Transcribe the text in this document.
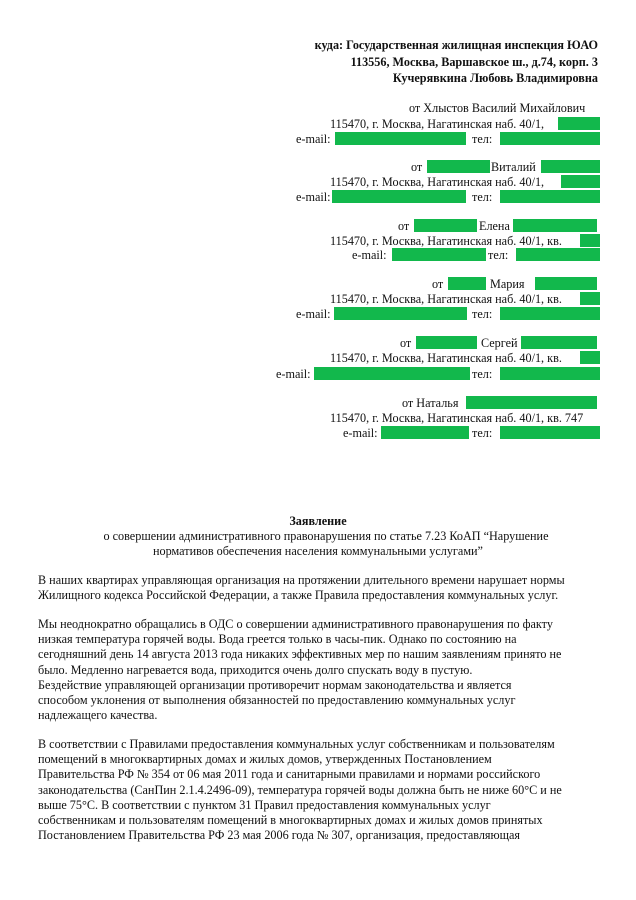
куда: Государственная жилищная инспекция ЮАО
113556, Москва, Варшавское ш., д.74, корп. 3
Кучерявкина Любовь Владимировна
от Хлыстов Василий Михайлович
115470, г. Москва, Нагатинская наб. 40/1,
e-mail:	тел:
от	Виталий
115470, г. Москва, Нагатинская наб. 40/1,
e-mail:	тел:
от	Елена
115470, г. Москва, Нагатинская наб. 40/1, кв.
e-mail:	тел:
от	Мария
115470, г. Москва, Нагатинская наб. 40/1, кв.
e-mail:	тел:
от	Сергей
115470, г. Москва, Нагатинская наб. 40/1, кв.
e-mail:	тел:
от Наталья
115470, г. Москва, Нагатинская наб. 40/1, кв. 747
e-mail:	тел:
Заявление
о совершении административного правонарушения по статье 7.23 КоАП “Нарушение
нормативов обеспечения населения коммунальными услугами”
В наших квартирах управляющая организация на протяжении длительного времени нарушает нормы
Жилищного кодекса Российской Федерации, а также Правила предоставления коммунальных услуг.
Мы неоднократно обращались в ОДС о совершении административного правонарушения по факту
низкая температура горячей воды. Вода греется только в часы-пик. Однако по состоянию на
сегодняшний день 14 августа 2013 года никаких эффективных мер по нашим заявлениям принято не
было. Медленно нагревается вода, приходится очень долго спускать воду в пустую.
Бездействие управляющей организации противоречит нормам законодательства и является
способом уклонения от выполнения обязанностей по предоставлению коммунальных услуг
надлежащего качества.
В соответствии с Правилами предоставления коммунальных услуг собственникам и пользователям
помещений в многоквартирных домах и жилых домов, утвержденных Постановлением
Правительства РФ № 354 от 06 мая 2011 года и санитарными правилами и нормами российского
законодательства (СанПин 2.1.4.2496-09), температура горячей воды должна быть не ниже 60°С и не
выше 75°С. В соответствии с пунктом 31 Правил предоставления коммунальных услуг
собственникам и пользователям помещений в многоквартирных домах и жилых домов принятых
Постановлением Правительства РФ 23 мая 2006 года № 307, организация, предоставляющая
